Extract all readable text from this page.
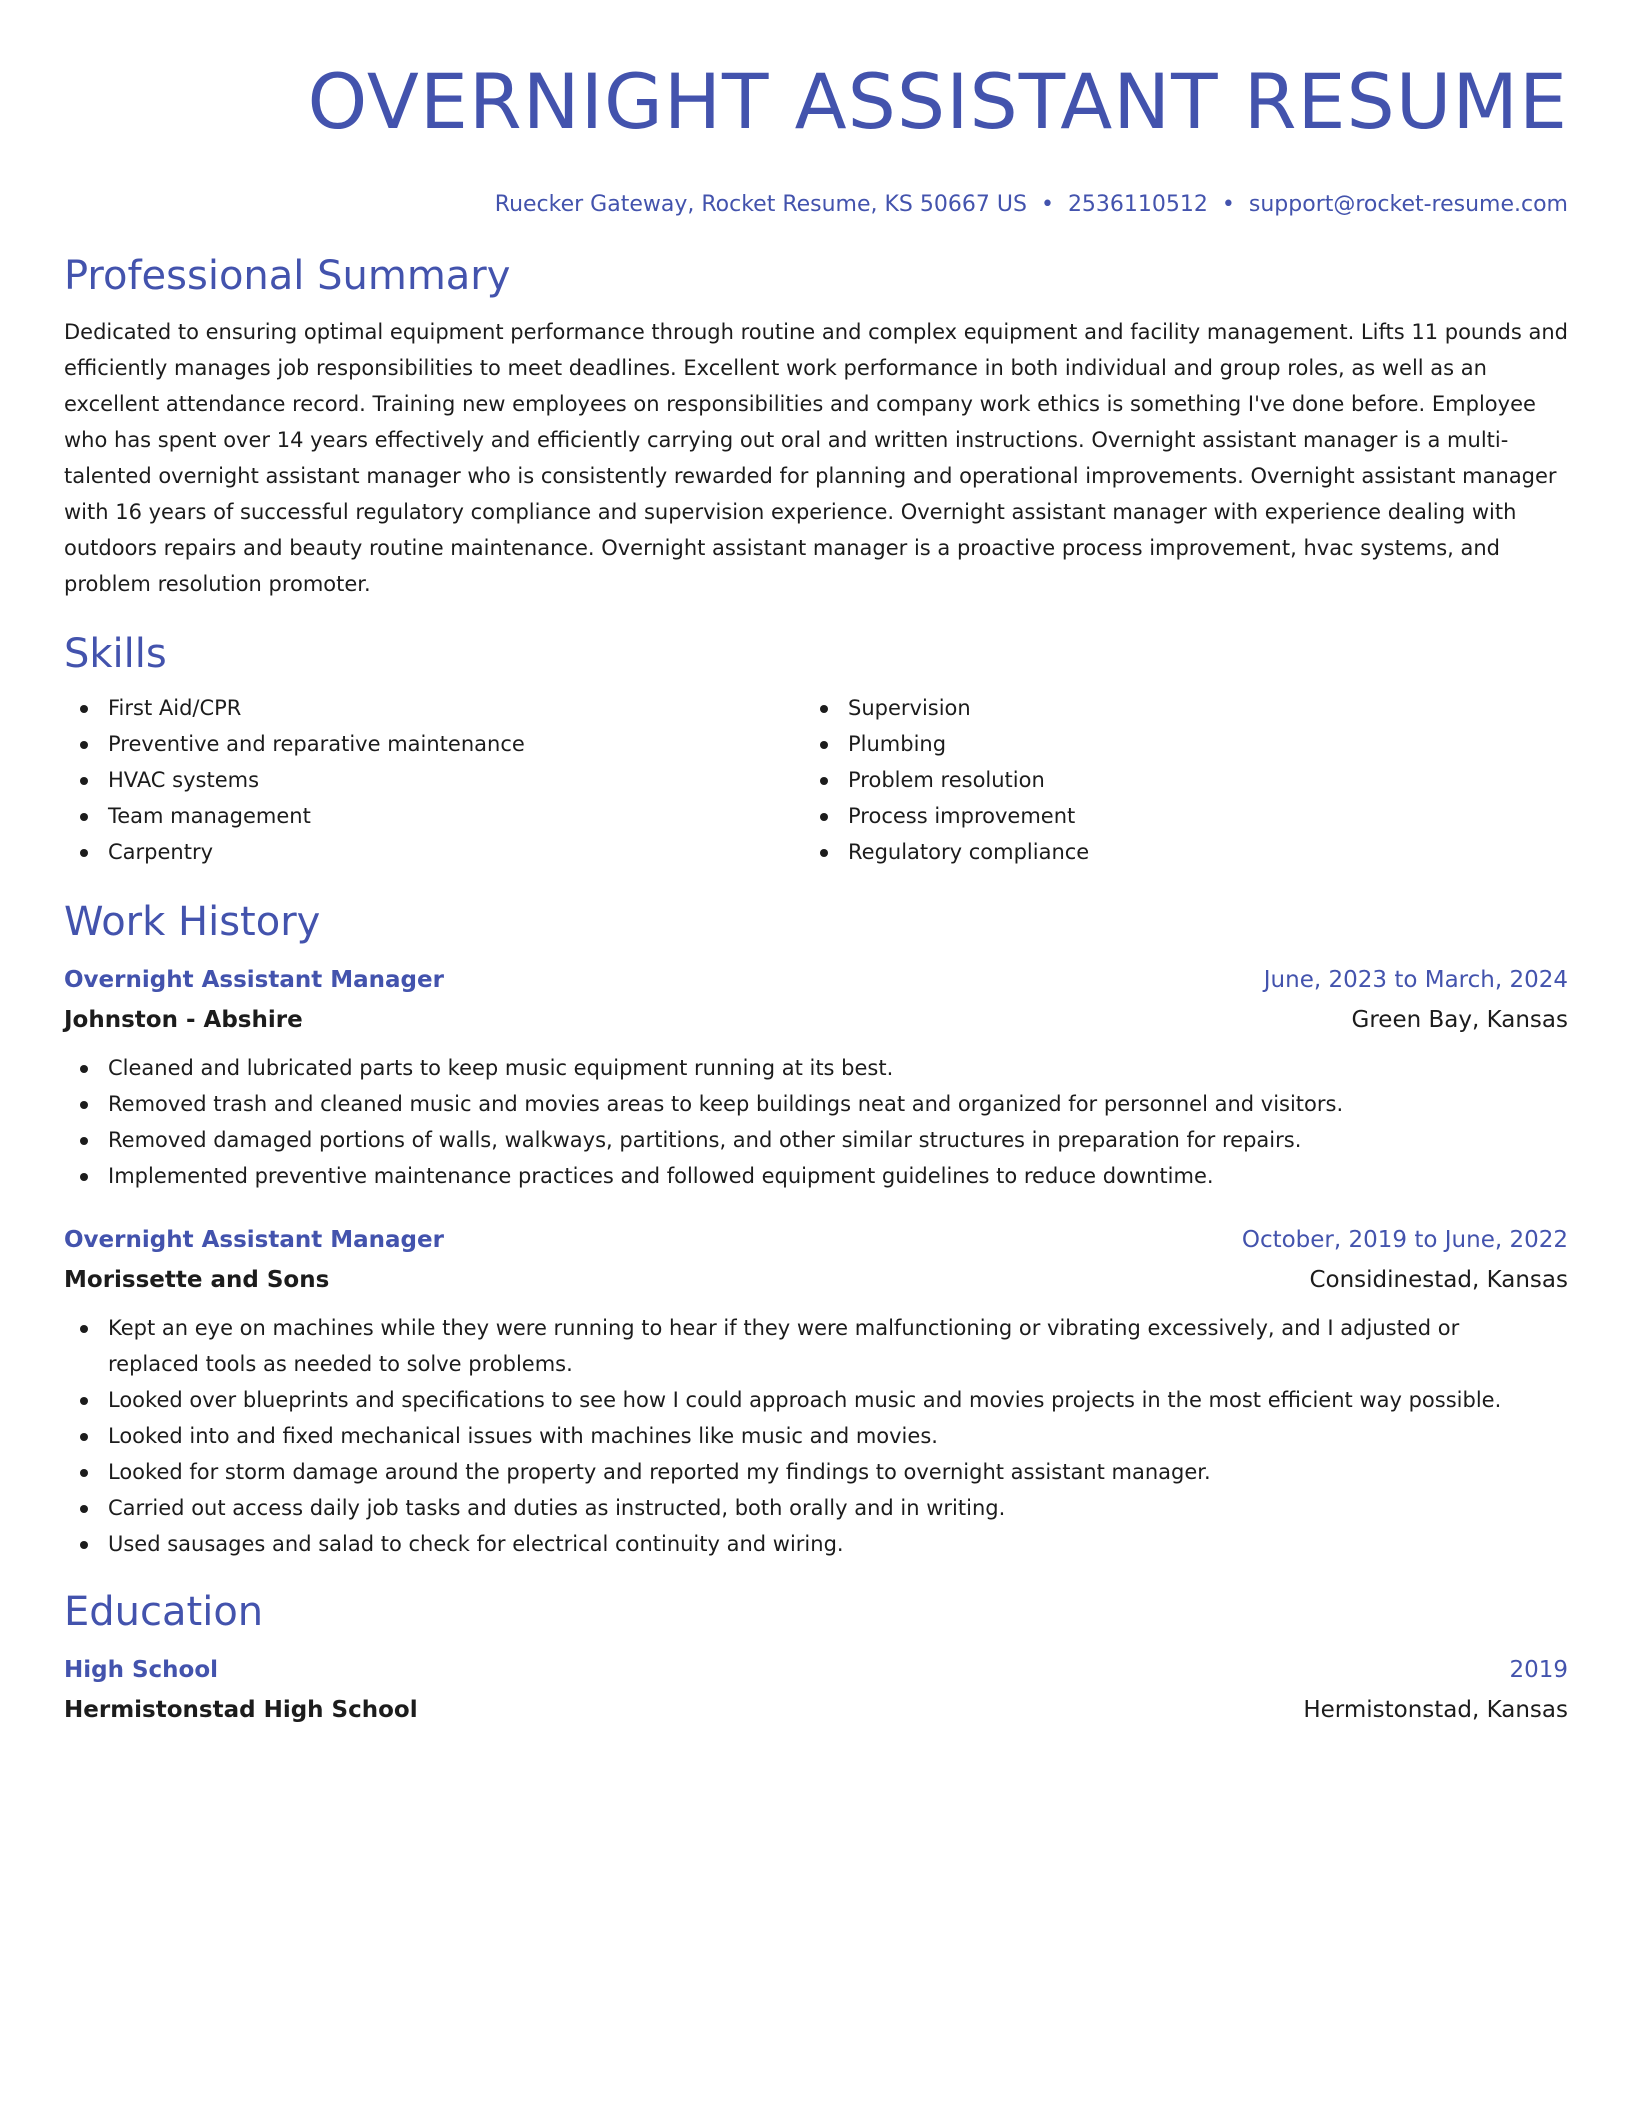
OVERNIGHT ASSISTANT RESUME
Ruecker Gateway, Rocket Resume, KS 50667 US • 2536110512 • support@rocket-resume.com
Professional Summary

Dedicated to ensuring optimal equipment performance through routine and complex equipment and facility management. Lifts 11 pounds and efficiently manages job responsibilities to meet deadlines. Excellent work performance in both individual and group roles, as well as an excellent attendance record. Training new employees on responsibilities and company work ethics is something I've done before. Employee who has spent over 14 years effectively and efficiently carrying out oral and written instructions. Overnight assistant manager is a multi-talented overnight assistant manager who is consistently rewarded for planning and operational improvements. Overnight assistant manager with 16 years of successful regulatory compliance and supervision experience. Overnight assistant manager with experience dealing with outdoors repairs and beauty routine maintenance. Overnight assistant manager is a proactive process improvement, hvac systems, and problem resolution promoter.

Skills
First Aid/CPR
Preventive and reparative maintenance
HVAC systems
Team management
Carpentry
Supervision
Plumbing
Problem resolution
Process improvement
Regulatory compliance
Work History
Overnight Assistant Manager	June, 2023 to March, 2024
Johnston - Abshire	Green Bay, Kansas
Cleaned and lubricated parts to keep music equipment running at its best.
Removed trash and cleaned music and movies areas to keep buildings neat and organized for personnel and visitors.
Removed damaged portions of walls, walkways, partitions, and other similar structures in preparation for repairs.
Implemented preventive maintenance practices and followed equipment guidelines to reduce downtime.
Overnight Assistant Manager	October, 2019 to June, 2022
Morissette and Sons	Considinestad, Kansas
Kept an eye on machines while they were running to hear if they were malfunctioning or vibrating excessively, and I adjusted or replaced tools as needed to solve problems.
Looked over blueprints and specifications to see how I could approach music and movies projects in the most efficient way possible.
Looked into and fixed mechanical issues with machines like music and movies.
Looked for storm damage around the property and reported my findings to overnight assistant manager.
Carried out access daily job tasks and duties as instructed, both orally and in writing.
Used sausages and salad to check for electrical continuity and wiring.
Education
High School	2019
Hermistonstad High School	Hermistonstad, Kansas
